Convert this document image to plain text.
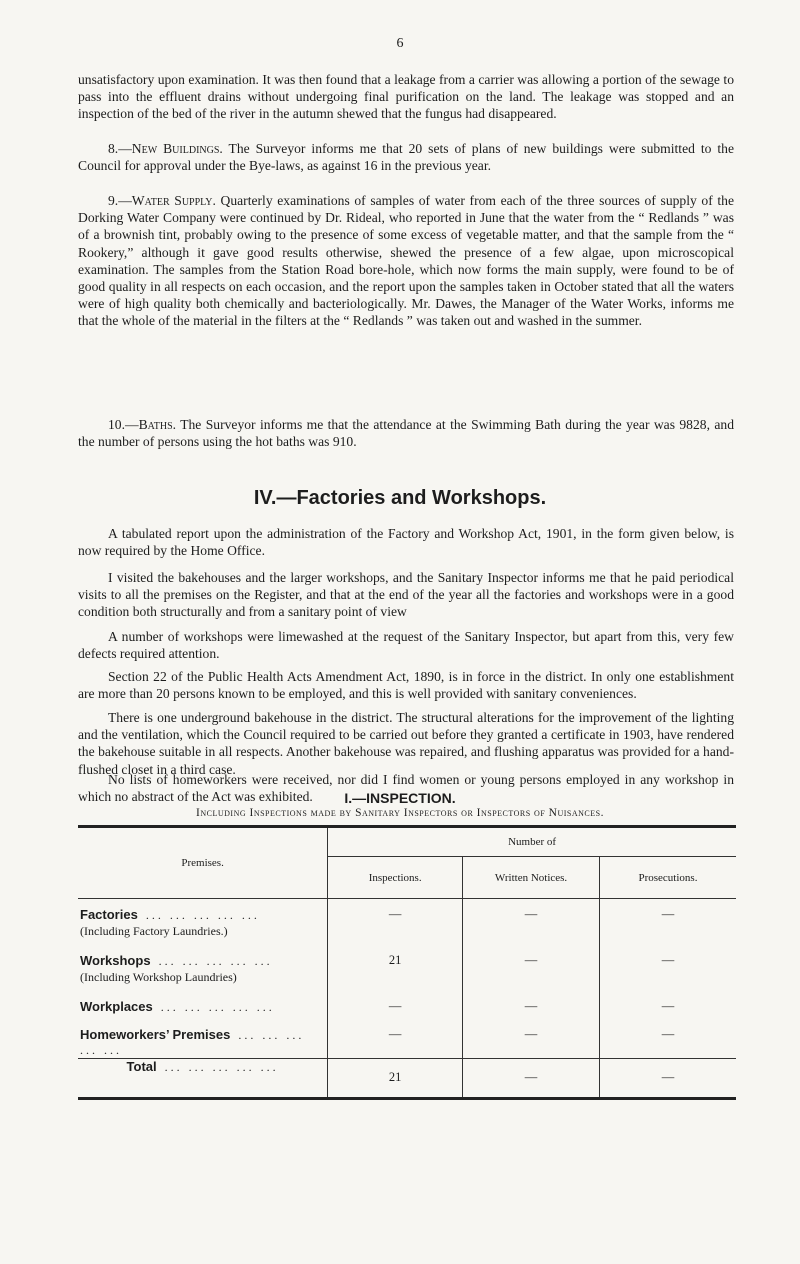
6

unsatisfactory upon examination. It was then found that a leakage from a carrier was allowing a portion of the sewage to pass into the effluent drains without undergoing final purification on the land. The leakage was stopped and an inspection of the bed of the river in the autumn shewed that the fungus had disappeared.

8.—New Buildings. The Surveyor informs me that 20 sets of plans of new buildings were submitted to the Council for approval under the Bye-laws, as against 16 in the previous year.

9.—Water Supply. Quarterly examinations of samples of water from each of the three sources of supply of the Dorking Water Company were continued by Dr. Rideal, who reported in June that the water from the “ Redlands ” was of a brownish tint, probably owing to the presence of some excess of vegetable matter, and that the sample from the “ Rookery,” although it gave good results otherwise, shewed the presence of a few algae, upon microscopical examination. The samples from the Station Road bore-hole, which now forms the main supply, were found to be of good quality in all respects on each occasion, and the report upon the samples taken in October stated that all the waters were of high quality both chemically and bacteriologically. Mr. Dawes, the Manager of the Water Works, informs me that the whole of the material in the filters at the “ Redlands ” was taken out and washed in the summer.

10.—Baths. The Surveyor informs me that the attendance at the Swimming Bath during the year was 9828, and the number of persons using the hot baths was 910.

IV.—Factories and Workshops.

A tabulated report upon the administration of the Factory and Workshop Act, 1901, in the form given below, is now required by the Home Office.

I visited the bakehouses and the larger workshops, and the Sanitary Inspector informs me that he paid periodical visits to all the premises on the Register, and that at the end of the year all the factories and workshops were in a good condition both structurally and from a sanitary point of view

A number of workshops were limewashed at the request of the Sanitary Inspector, but apart from this, very few defects required attention.

Section 22 of the Public Health Acts Amendment Act, 1890, is in force in the district. In only one establishment are more than 20 persons known to be employed, and this is well provided with sanitary conveniences.

There is one underground bakehouse in the district. The structural alterations for the improvement of the lighting and the ventilation, which the Council required to be carried out before they granted a certificate in 1903, have rendered the bakehouse suitable in all respects. Another bakehouse was repaired, and flushing apparatus was provided for a hand-flushed closet in a third case.

No lists of homeworkers were received, nor did I find women or young persons employed in any workshop in which no abstract of the Act was exhibited.	I.—INSPECTION.
Including Inspections made by Sanitary Inspectors or Inspectors of Nuisances.
Premises.	Number of		
	Inspections.	Written Notices.	Prosecutions.
Factories ... ... ... ... ...
(Including Factory Laundries.)	—	—	—
Workshops ... ... ... ... ...
(Including Workshop Laundries)	21	—	—
Workplaces ... ... ... ... ...	—	—	—
Homeworkers’ Premises ... ... ... ... ...	—	—	—
Total ... ... ... ... ...	21	—	—
